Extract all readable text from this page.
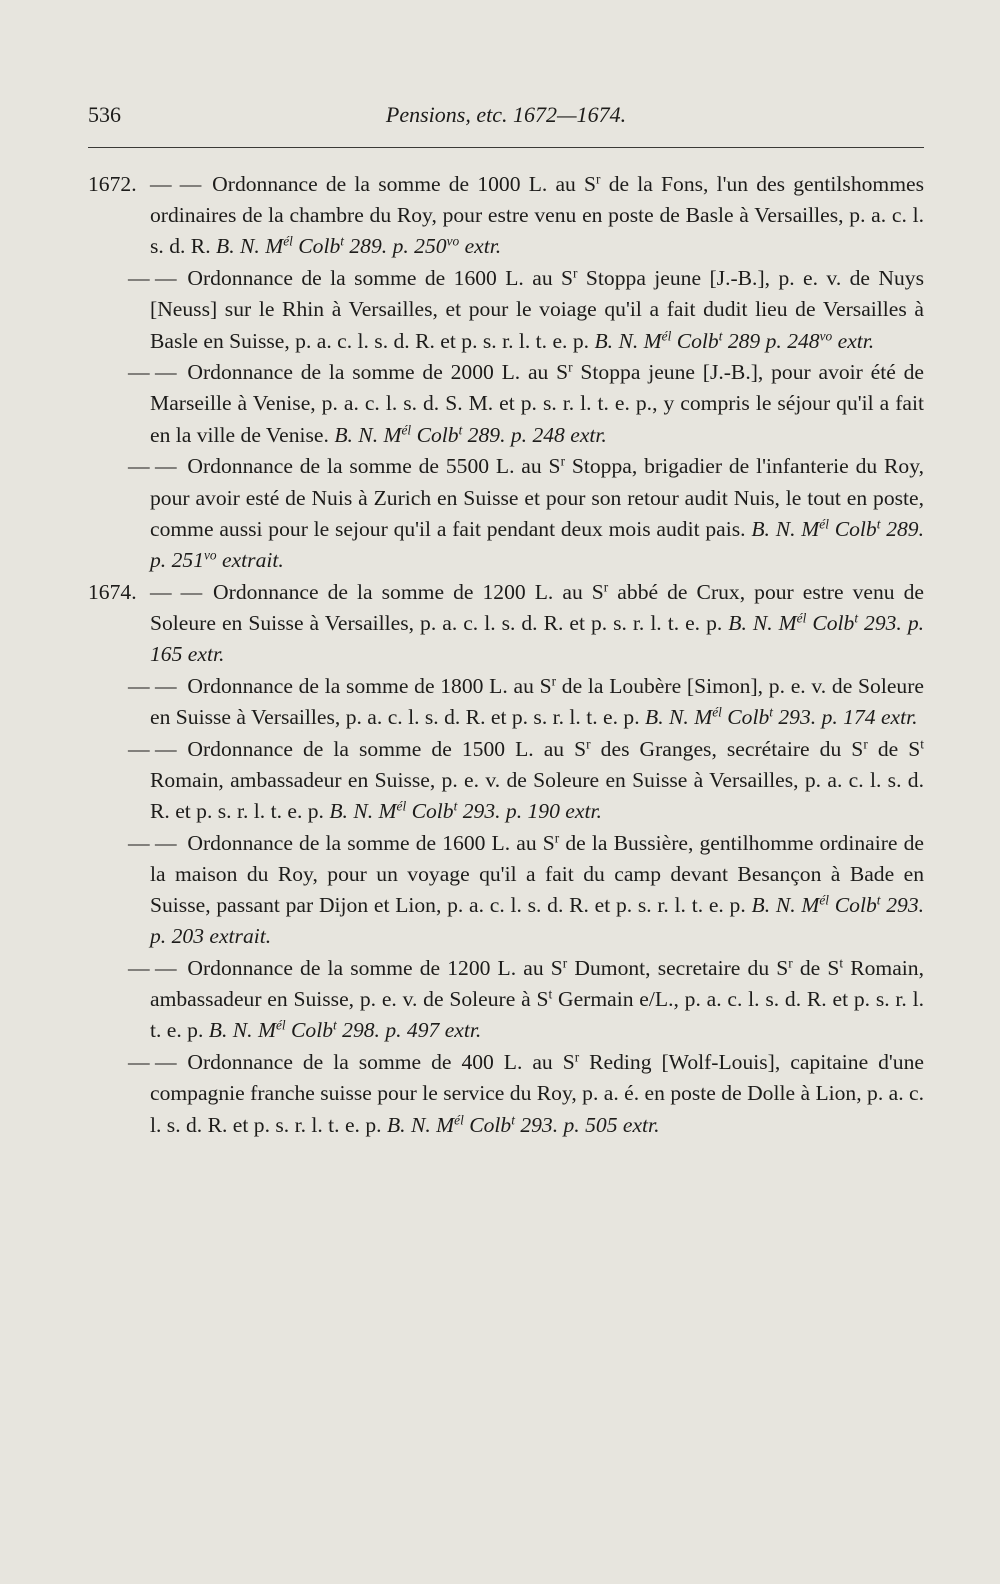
536	Pensions, etc. 1672—1674.

1672. — —  Ordonnance de la somme de 1000 L. au $S^r$ de la Fons, l'un des gentilshommes ordinaires de la chambre du Roy, pour estre venu en poste de Basle à Versailles, p. a. c. l. s. d. R. B. N. $M^{él}$ Colb$^t$ 289. p. $250^{vo}$ extr.

— —  Ordonnance de la somme de 1600 L. au $S^r$ Stoppa jeune [J.-B.], p. e. v. de Nuys [Neuss] sur le Rhin à Versailles, et pour le voiage qu'il a fait dudit lieu de Versailles à Basle en Suisse, p. a. c. l. s. d. R. et p. s. r. l. t. e. p. B. N. $M^{él}$ Colb$^t$ 289 p. $248^{vo}$ extr.

— —  Ordonnance de la somme de 2000 L. au $S^r$ Stoppa jeune [J.-B.], pour avoir été de Marseille à Venise, p. a. c. l. s. d. S. M. et p. s. r. l. t. e. p., y compris le séjour qu'il a fait en la ville de Venise. B. N. $M^{él}$ Colb$^t$ 289. p. 248 extr.

— —  Ordonnance de la somme de 5500 L. au $S^r$ Stoppa, brigadier de l'infanterie du Roy, pour avoir esté de Nuis à Zurich en Suisse et pour son retour audit Nuis, le tout en poste, comme aussi pour le sejour qu'il a fait pendant deux mois audit pais. B. N. $M^{él}$ Colb$^t$ 289. p. $251^{vo}$ extrait.

1674. — —  Ordonnance de la somme de 1200 L. au $S^r$ abbé de Crux, pour estre venu de Soleure en Suisse à Versailles, p. a. c. l. s. d. R. et p. s. r. l. t. e. p. B. N. $M^{él}$ Colb$^t$ 293. p. 165 extr.

— —  Ordonnance de la somme de 1800 L. au $S^r$ de la Loubère [Simon], p. e. v. de Soleure en Suisse à Versailles, p. a. c. l. s. d. R. et p. s. r. l. t. e. p. B. N. $M^{él}$ Colb$^t$ 293. p. 174 extr.

— —  Ordonnance de la somme de 1500 L. au $S^r$ des Granges, secrétaire du $S^r$ de $S^t$ Romain, ambassadeur en Suisse, p. e. v. de Soleure en Suisse à Versailles, p. a. c. l. s. d. R. et p. s. r. l. t. e. p. B. N. $M^{él}$ Colb$^t$ 293. p. 190 extr.

— —  Ordonnance de la somme de 1600 L. au $S^r$ de la Bussière, gentilhomme ordinaire de la maison du Roy, pour un voyage qu'il a fait du camp devant Besançon à Bade en Suisse, passant par Dijon et Lion, p. a. c. l. s. d. R. et p. s. r. l. t. e. p. B. N. $M^{él}$ Colb$^t$ 293. p. 203 extrait.

— —  Ordonnance de la somme de 1200 L. au $S^r$ Dumont, secretaire du $S^r$ de $S^t$ Romain, ambassadeur en Suisse, p. e. v. de Soleure à $S^t$ Germain e/L., p. a. c. l. s. d. R. et p. s. r. l. t. e. p. B. N. $M^{él}$ Colb$^t$ 298. p. 497 extr.

— —  Ordonnance de la somme de 400 L. au $S^r$ Reding [Wolf-Louis], capitaine d'une compagnie franche suisse pour le service du Roy, p. a. é. en poste de Dolle à Lion, p. a. c. l. s. d. R. et p. s. r. l. t. e. p. B. N. $M^{él}$ Colb$^t$ 293. p. 505 extr.
